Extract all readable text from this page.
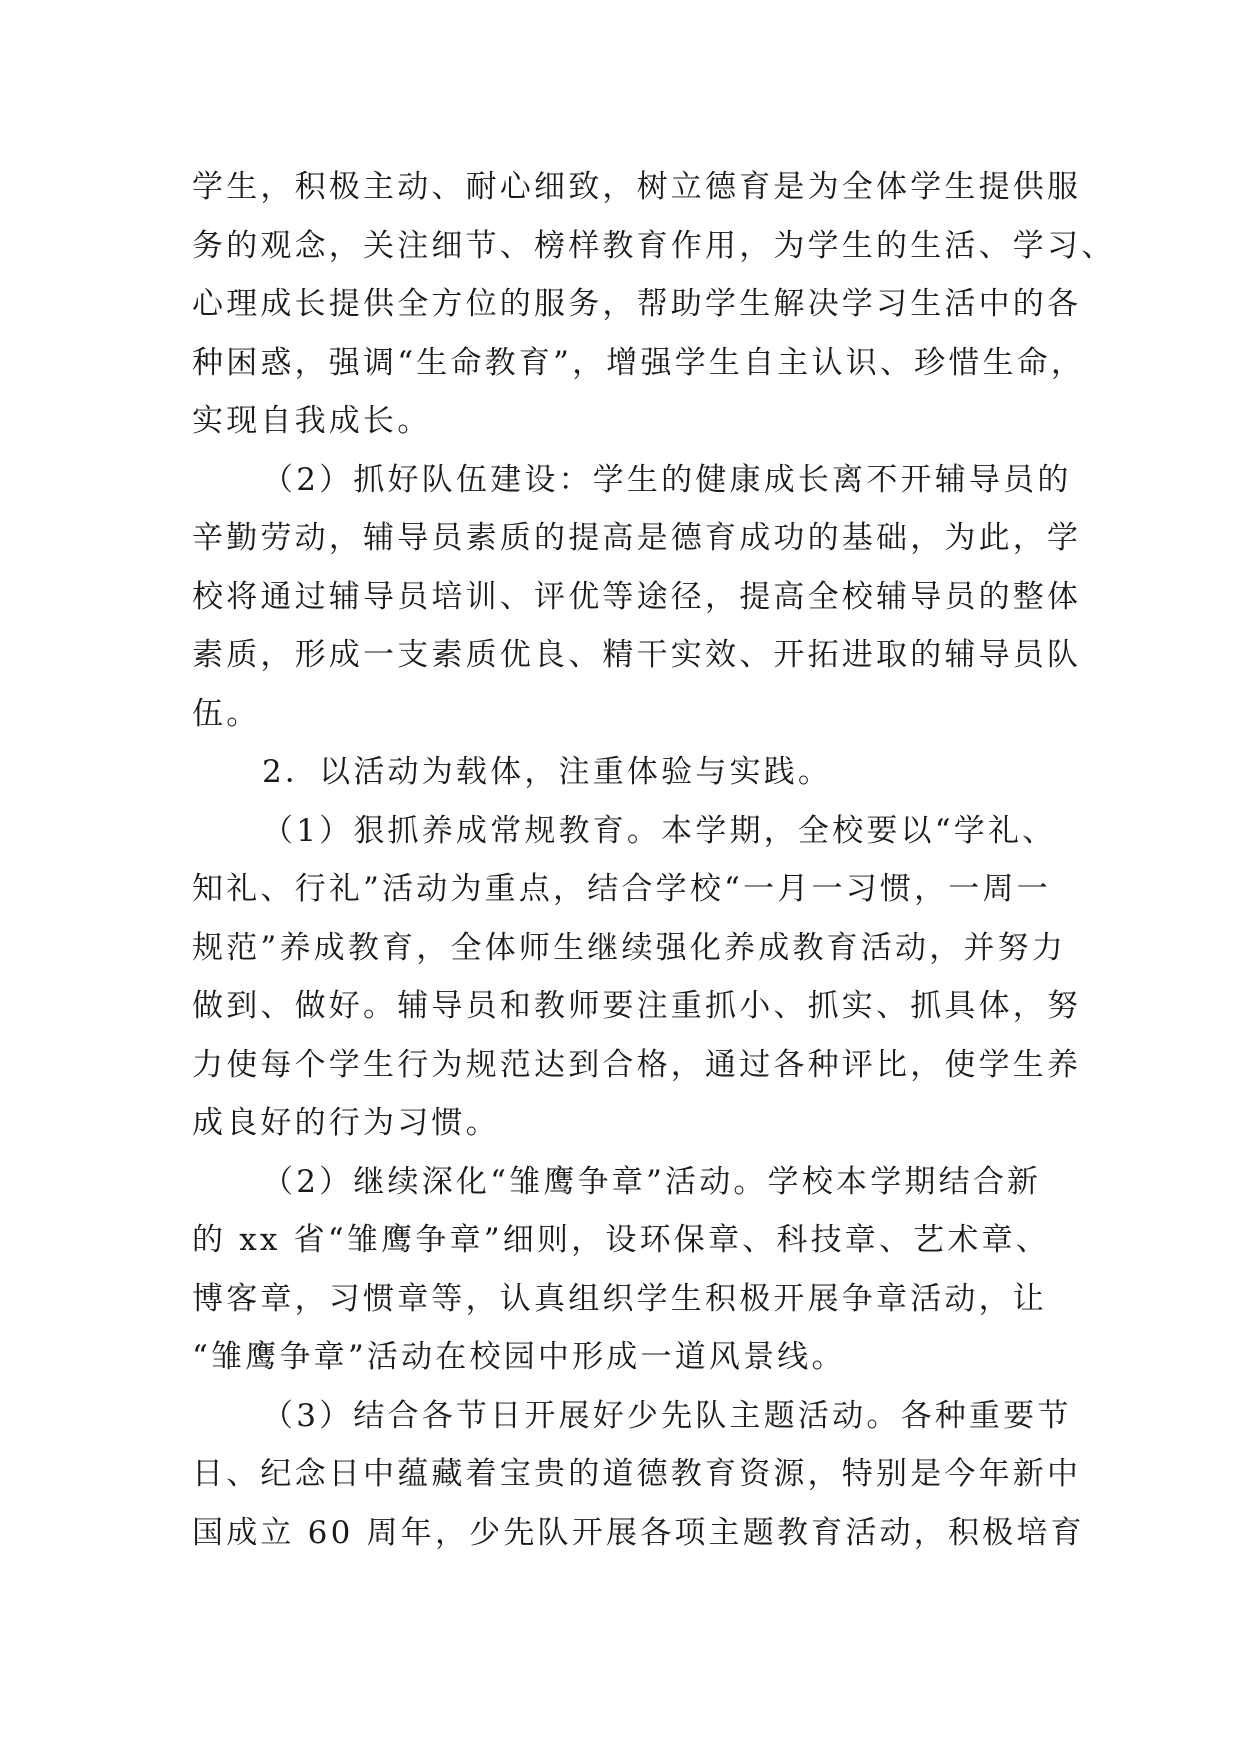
学生，积极主动、耐心细致，树立德育是为全体学生提供服
务的观念，关注细节、榜样教育作用，为学生的生活、学习、
心理成长提供全方位的服务，帮助学生解决学习生活中的各
种困惑，强调“生命教育”，增强学生自主认识、珍惜生命，
实现自我成长。
（2）抓好队伍建设：学生的健康成长离不开辅导员的
辛勤劳动，辅导员素质的提高是德育成功的基础，为此，学
校将通过辅导员培训、评优等途径，提高全校辅导员的整体
素质，形成一支素质优良、精干实效、开拓进取的辅导员队
伍。
2．以活动为载体，注重体验与实践。
（1）狠抓养成常规教育。本学期，全校要以“学礼、
知礼、行礼”活动为重点，结合学校“一月一习惯，一周一
规范”养成教育，全体师生继续强化养成教育活动，并努力
做到、做好。辅导员和教师要注重抓小、抓实、抓具体，努
力使每个学生行为规范达到合格，通过各种评比，使学生养
成良好的行为习惯。
（2）继续深化“雏鹰争章”活动。学校本学期结合新
的 xx 省“雏鹰争章”细则，设环保章、科技章、艺术章、
博客章，习惯章等，认真组织学生积极开展争章活动，让
“雏鹰争章”活动在校园中形成一道风景线。
（3）结合各节日开展好少先队主题活动。各种重要节
日、纪念日中蕴藏着宝贵的道德教育资源，特别是今年新中
国成立 60 周年，少先队开展各项主题教育活动，积极培育
